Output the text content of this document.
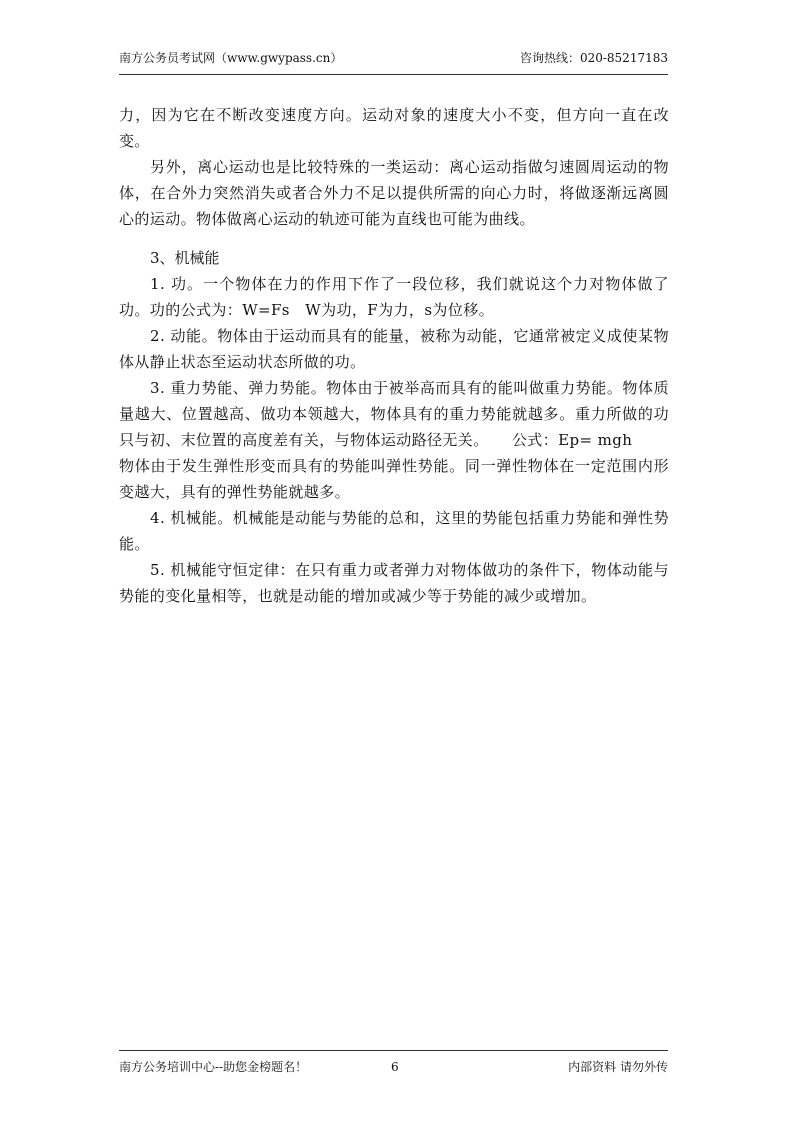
南方公务员考试网（www.gwypass.cn）	咨询热线：020-85217183

力，因为它在不断改变速度方向。运动对象的速度大小不变，但方向一直在改变。

另外，离心运动也是比较特殊的一类运动：离心运动指做匀速圆周运动的物体，在合外力突然消失或者合外力不足以提供所需的向心力时，将做逐渐远离圆心的运动。物体做离心运动的轨迹可能为直线也可能为曲线。

3、机械能

1. 功。一个物体在力的作用下作了一段位移，我们就说这个力对物体做了功。功的公式为：W=Fs　W为功，F为力，s为位移。

2. 动能。物体由于运动而具有的能量，被称为动能，它通常被定义成使某物体从静止状态至运动状态所做的功。

3. 重力势能、弹力势能。物体由于被举高而具有的能叫做重力势能。物体质量越大、位置越高、做功本领越大，物体具有的重力势能就越多。重力所做的功只与初、末位置的高度差有关，与物体运动路径无关。　　公式：Ep= mgh

物体由于发生弹性形变而具有的势能叫弹性势能。同一弹性物体在一定范围内形变越大，具有的弹性势能就越多。

4. 机械能。机械能是动能与势能的总和，这里的势能包括重力势能和弹性势能。

5. 机械能守恒定律：在只有重力或者弹力对物体做功的条件下，物体动能与势能的变化量相等，也就是动能的增加或减少等于势能的减少或增加。

南方公务培训中心--助您金榜题名！	6	内部资料 请勿外传
